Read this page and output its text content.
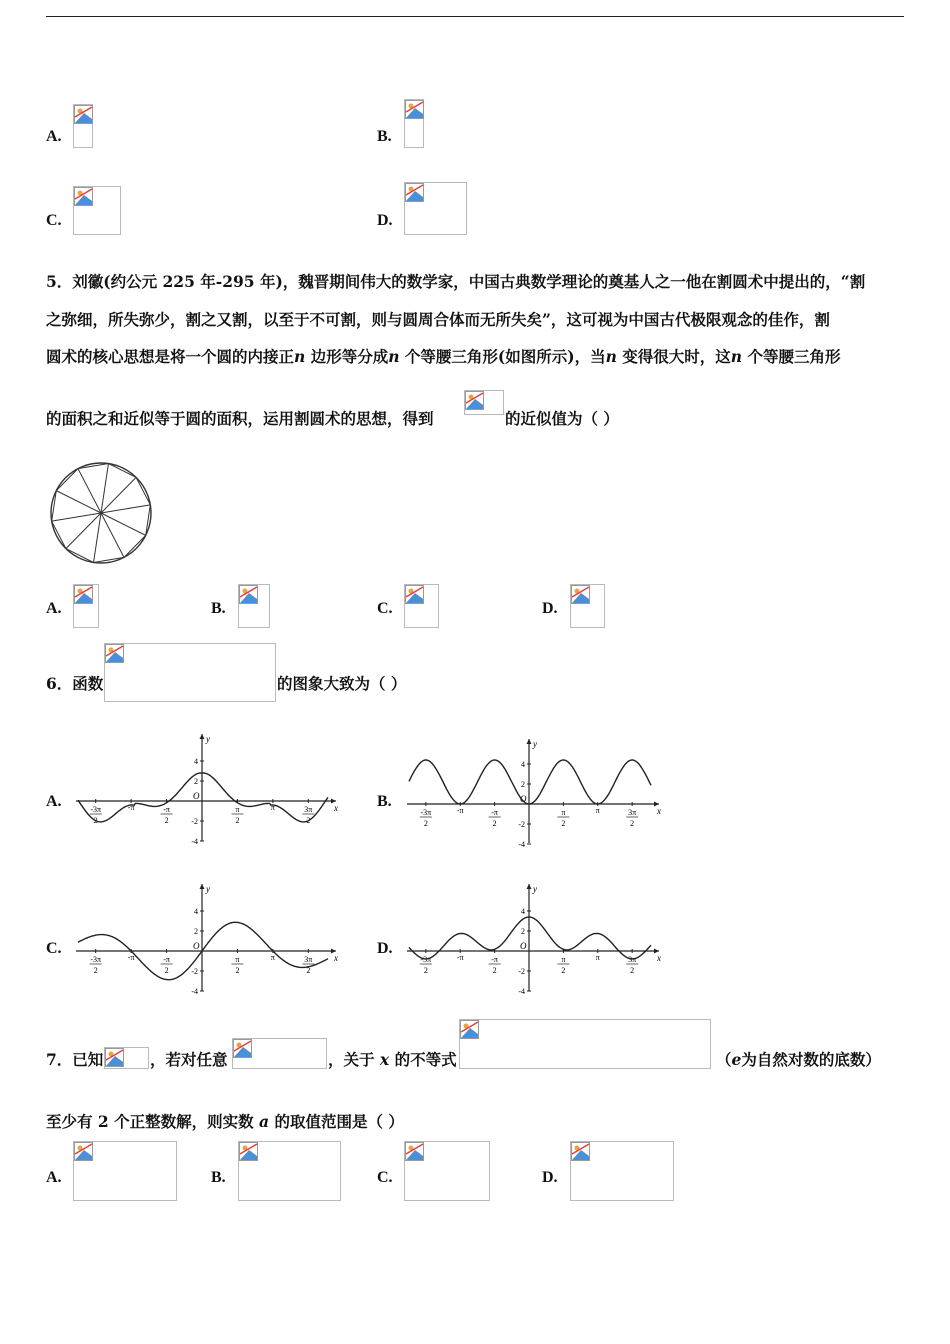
A.	B.
C.	D.
5．刘徽(约公元 225 年-295 年)，魏晋期间伟大的数学家，中国古典数学理论的奠基人之一他在割圆术中提出的，“割
之弥细，所失弥少，割之又割，以至于不可割，则与圆周合体而无所失矣”，这可视为中国古代极限观念的佳作，割
圆术的核心思想是将一个圆的内接正n 边形等分成n 个等腰三角形(如图所示)，当n 变得很大时，这n 个等腰三角形
的面积之和近似等于圆的面积，运用割圆术的思想，得到	的近似值为（ ）
A.	B.	C.	D.
6．函数	的图象大致为（ ）
A.	B.
C.	D.
y
x
O
-3π
2
-π	-π
2
π
2
π	3π
2
4
2
-2
-4
y
x
O
-3π
2
-π	-π
2
π
2
π	3π
2
4
2
-2
-4
y
x
O
-3π
2
-π	-π
2
π
2
π	3π
2
4
2
-2
-4
y
x
O
-3π
2
-π	-π
2
π
2
π	3π
2
4
2
-2
-4
7．已知	，若对任意	，关于 x 的不等式	（e为自然对数的底数）
至少有 2 个正整数解，则实数 a 的取值范围是（ ）
A.	B.	C.	D.
